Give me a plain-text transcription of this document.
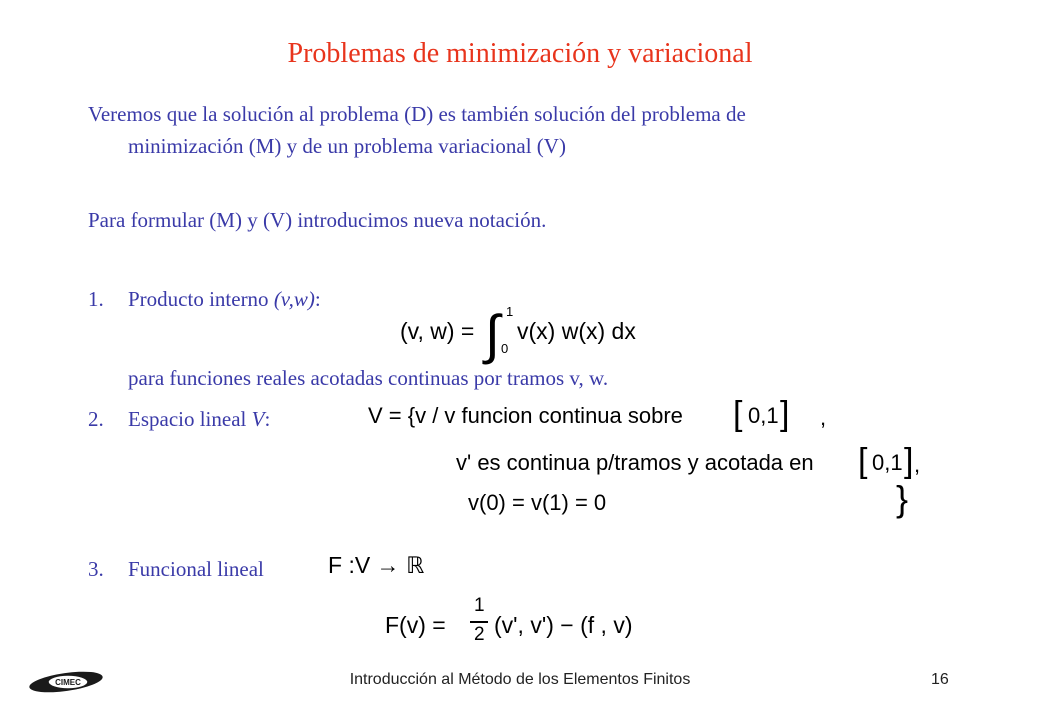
Problemas de minimización y variacional
Veremos que la solución al problema (D) es también solución del problema de
minimización (M) y de un problema variacional (V)
Para formular (M) y (V) introducimos nueva notación.
1. Producto interno (v,w):
(v, w) = ∫ 1
0
v(x) w(x) dx
para funciones reales acotadas continuas por tramos v, w.
2. Espacio lineal V:	V = {v / v funcion continua sobre [ 0,1 ] ,
v' es continua p/tramos y acotada en [ 0,1 ] ,
v(0) = v(1) = 0	}
3. Funcional lineal	F :V → ℝ
F(v) =
1
2 (v', v') − (f , v)
CIMEC	Introducción al Método de los Elementos Finitos	16
